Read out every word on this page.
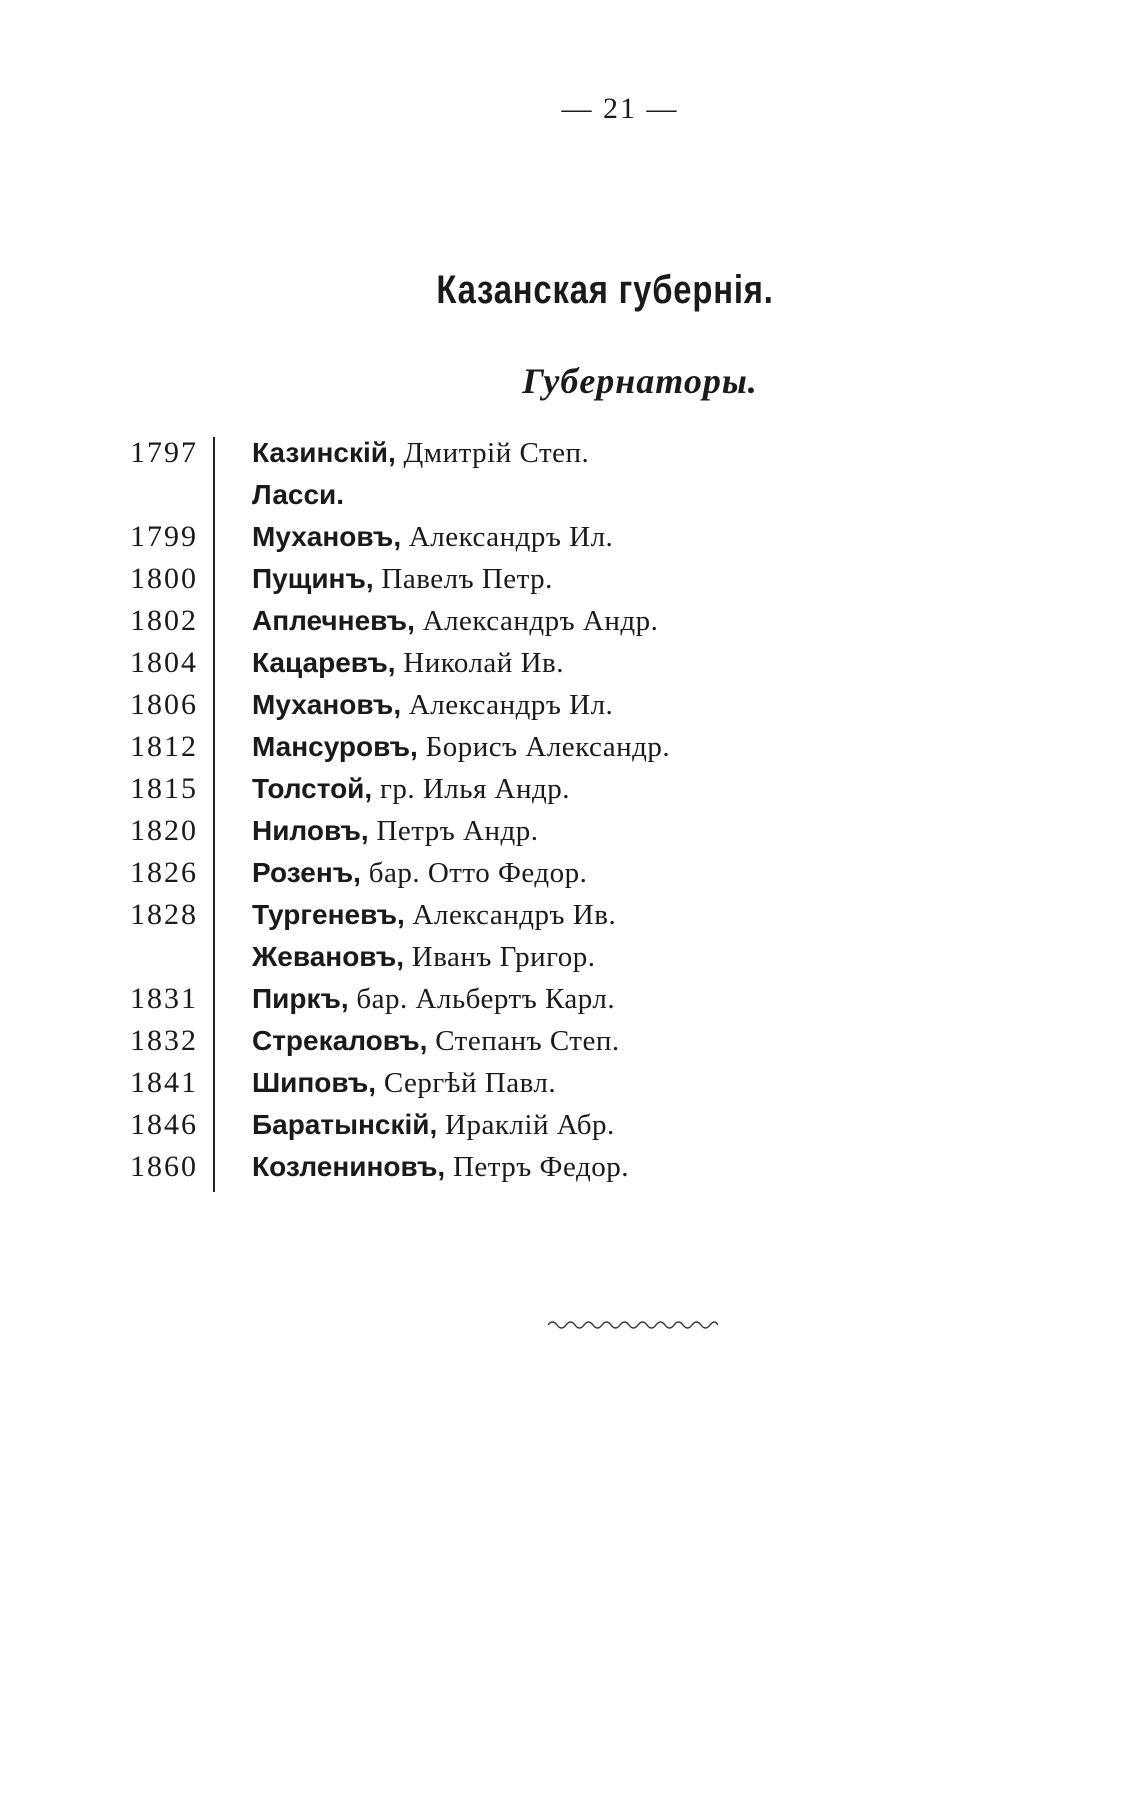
— 21 —
Казанская губернія.
Губернаторы.
1797 Казинскій, Дмитрій Степ.
Ласси.
1799 Мухановъ, Александръ Ил.
1800 Пущинъ, Павелъ Петр.
1802 Аплечневъ, Александръ Андр.
1804 Кацаревъ, Николай Ив.
1806 Мухановъ, Александръ Ил.
1812 Мансуровъ, Борисъ Александр.
1815 Толстой, гр. Илья Андр.
1820 Ниловъ, Петръ Андр.
1826 Розенъ, бар. Отто Федор.
1828 Тургеневъ, Александръ Ив.
Жевановъ, Иванъ Григор.
1831 Пиркъ, бар. Альбертъ Карл.
1832 Стрекаловъ, Степанъ Степ.
1841 Шиповъ, Сергѣй Павл.
1846 Баратынскій, Ираклій Абр.
1860 Козлениновъ, Петръ Федор.
